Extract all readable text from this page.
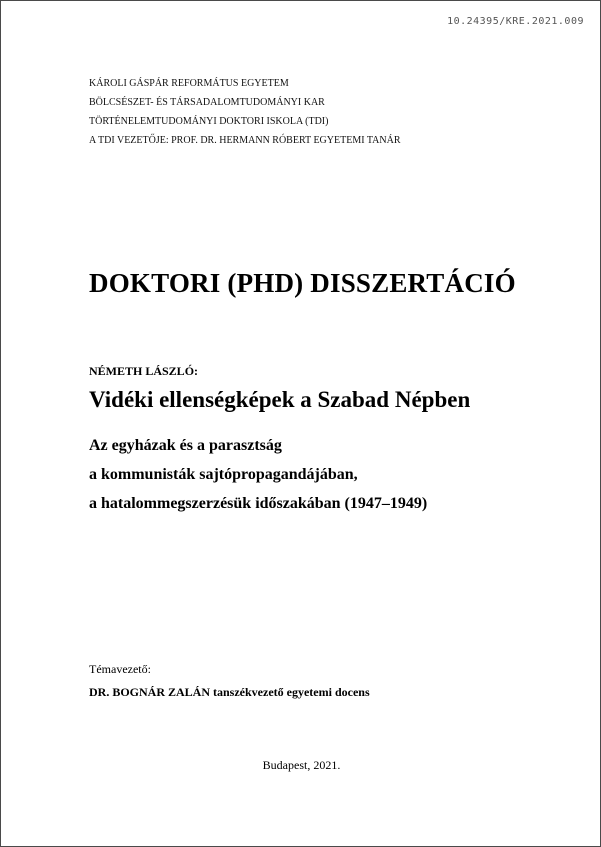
10.24395/KRE.2021.009
KÁROLI GÁSPÁR REFORMÁTUS EGYETEM
BÖLCSÉSZET- ÉS TÁRSADALOMTUDOMÁNYI KAR
TÖRTÉNELEMTUDOMÁNYI DOKTORI ISKOLA (TDI)
A TDI VEZETŐJE: PROF. DR. HERMANN RÓBERT EGYETEMI TANÁR
DOKTORI (PHD) DISSZERTÁCIÓ
NÉMETH LÁSZLÓ:
Vidéki ellenségképek a Szabad Népben
Az egyházak és a parasztság
a kommunisták sajtópropagandájában,
a hatalommegszerzésük időszakában (1947–1949)
Témavezető:
DR. BOGNÁR ZALÁN tanszékvezető egyetemi docens
Budapest, 2021.
